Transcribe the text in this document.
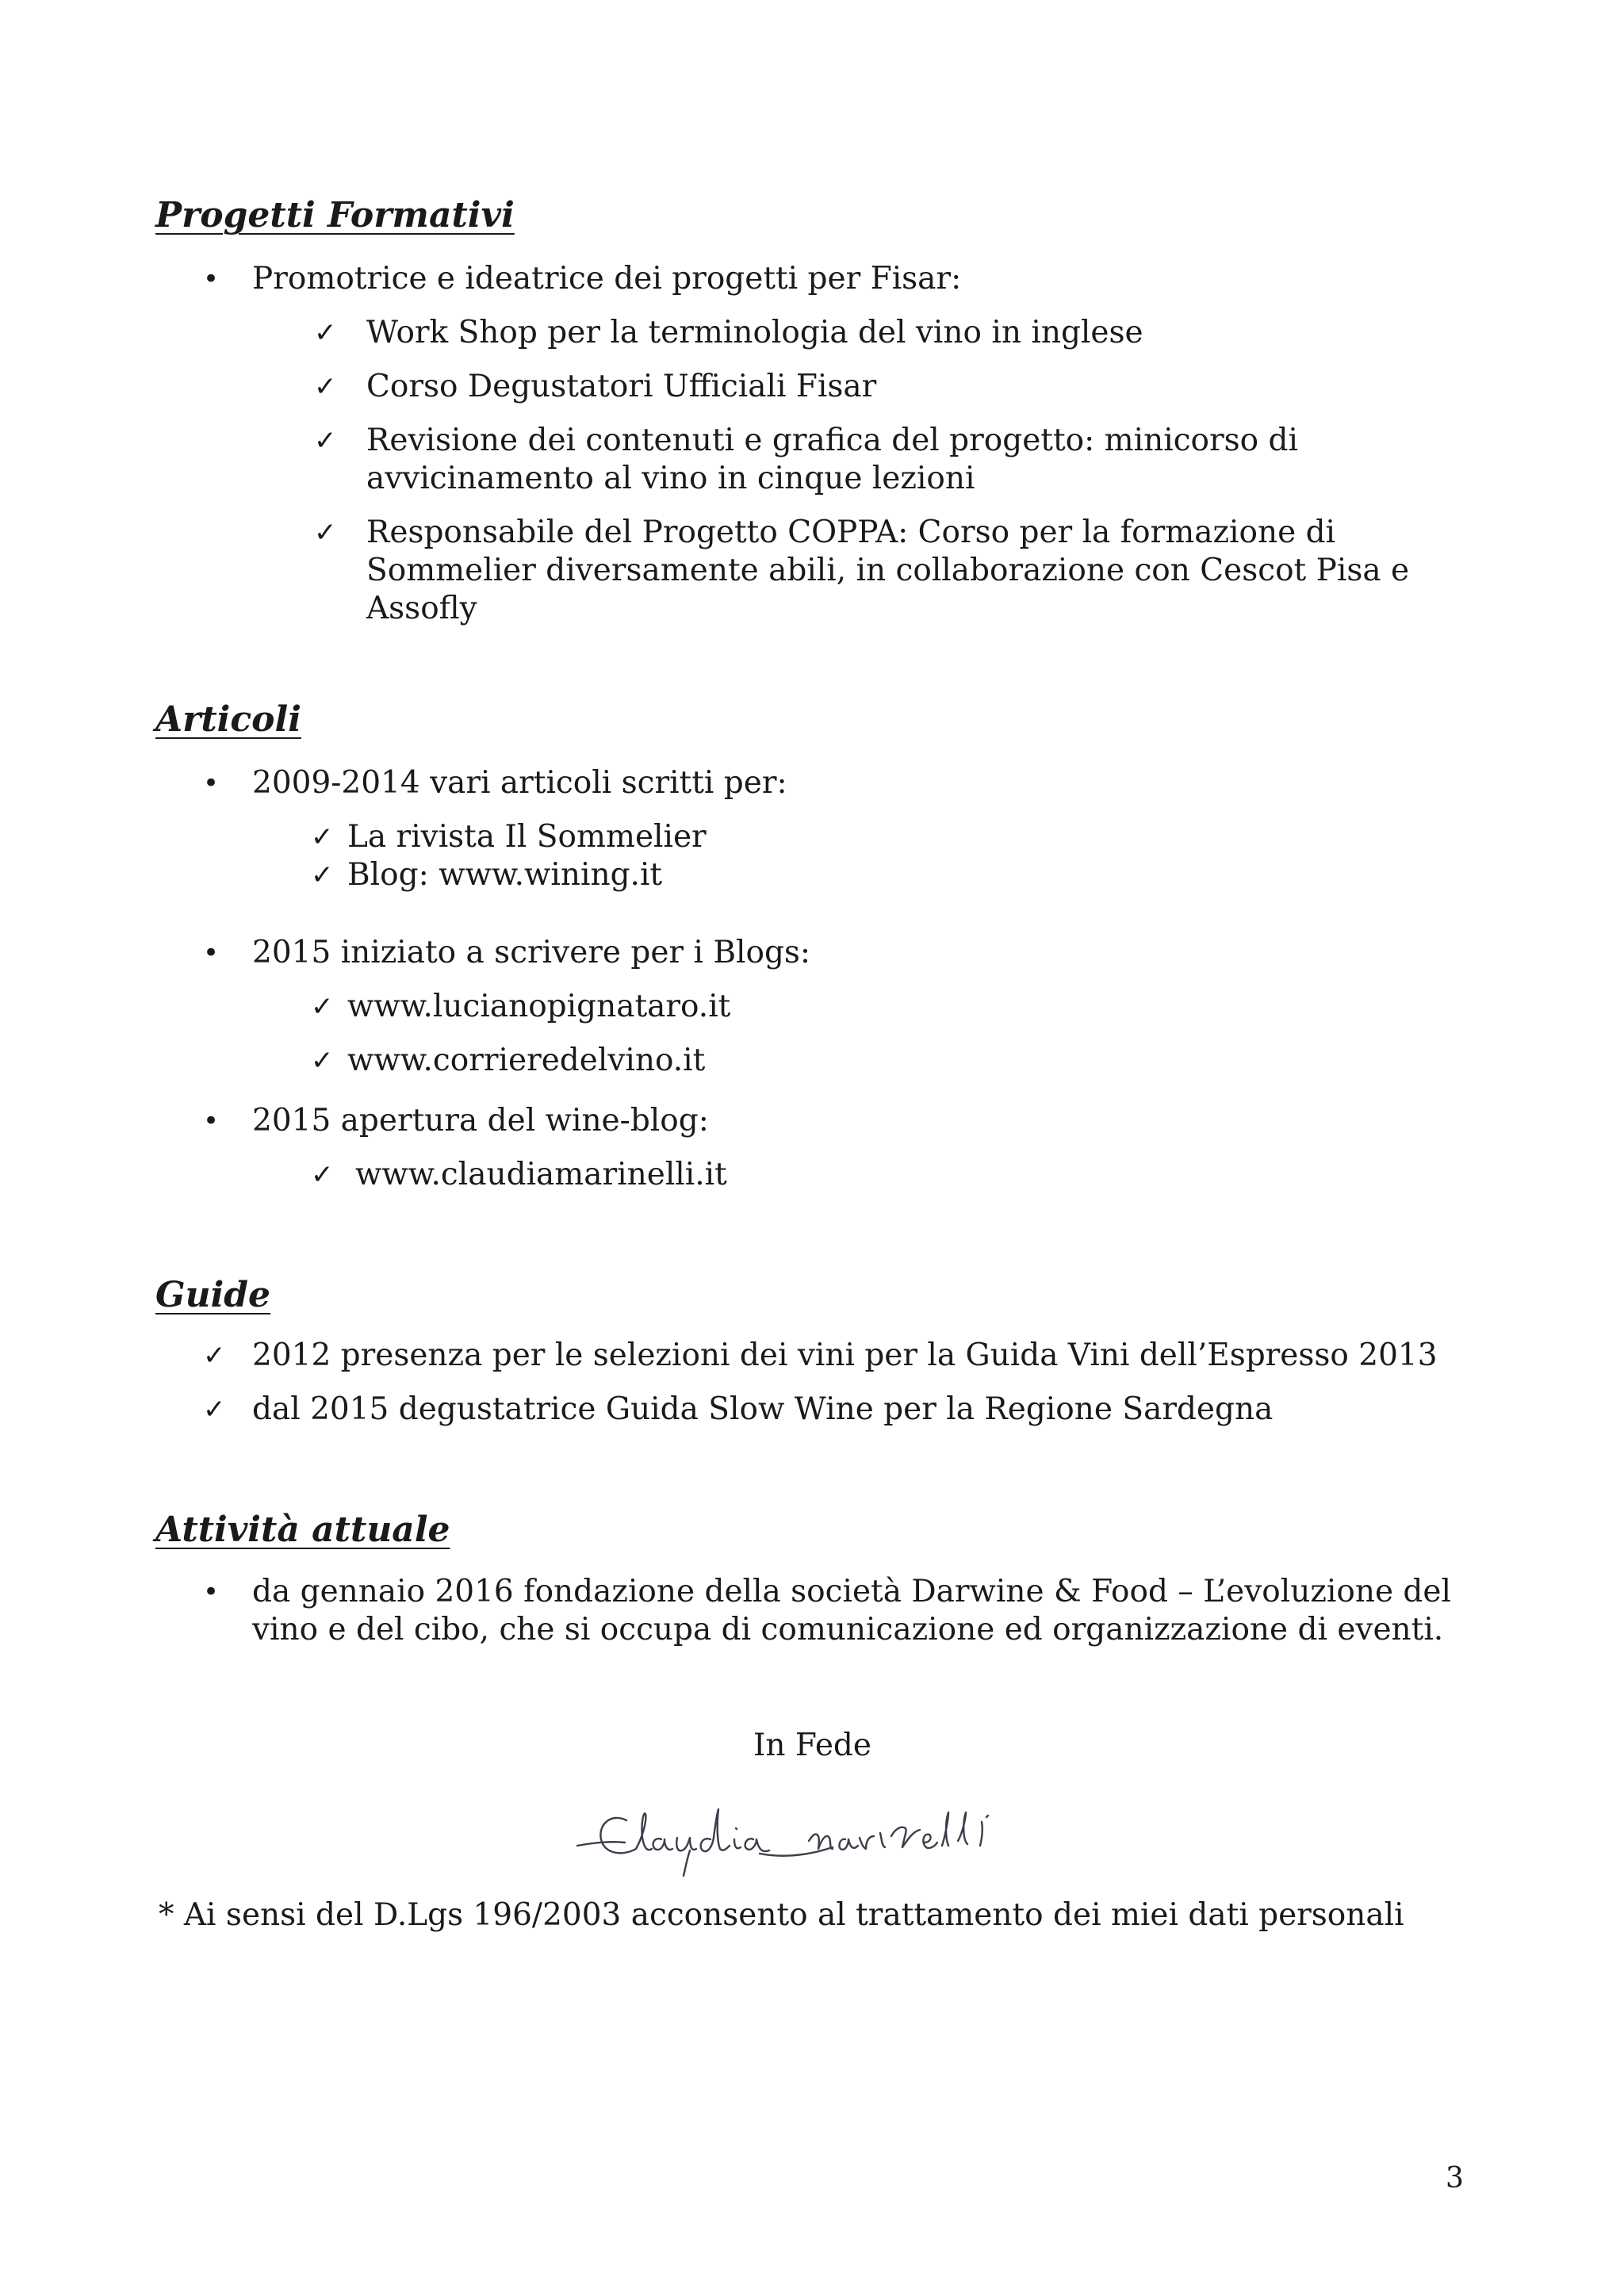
Progetti Formativi
• Promotrice e ideatrice dei progetti per Fisar:
✓ Work Shop per la terminologia del vino in inglese
✓ Corso Degustatori Ufficiali Fisar
✓ Revisione dei contenuti e grafica del progetto: minicorso di
avvicinamento al vino in cinque lezioni
✓ Responsabile del Progetto COPPA: Corso per la formazione di
Sommelier diversamente abili, in collaborazione con Cescot Pisa e
Assofly
Articoli
• 2009-2014 vari articoli scritti per:
✓ La rivista Il Sommelier
✓ Blog: www.wining.it
• 2015 iniziato a scrivere per i Blogs:
✓ www.lucianopignataro.it
✓ www.corrieredelvino.it
• 2015 apertura del wine-blog:
✓ www.claudiamarinelli.it
Guide
✓ 2012 presenza per le selezioni dei vini per la Guida Vini dell’Espresso 2013
✓ dal 2015 degustatrice Guida Slow Wine per la Regione Sardegna
Attività attuale
• da gennaio 2016 fondazione della società Darwine & Food – L’evoluzione del
vino e del cibo, che si occupa di comunicazione ed organizzazione di eventi.
In Fede
* Ai sensi del D.Lgs 196/2003 acconsento al trattamento dei miei dati personali
3
